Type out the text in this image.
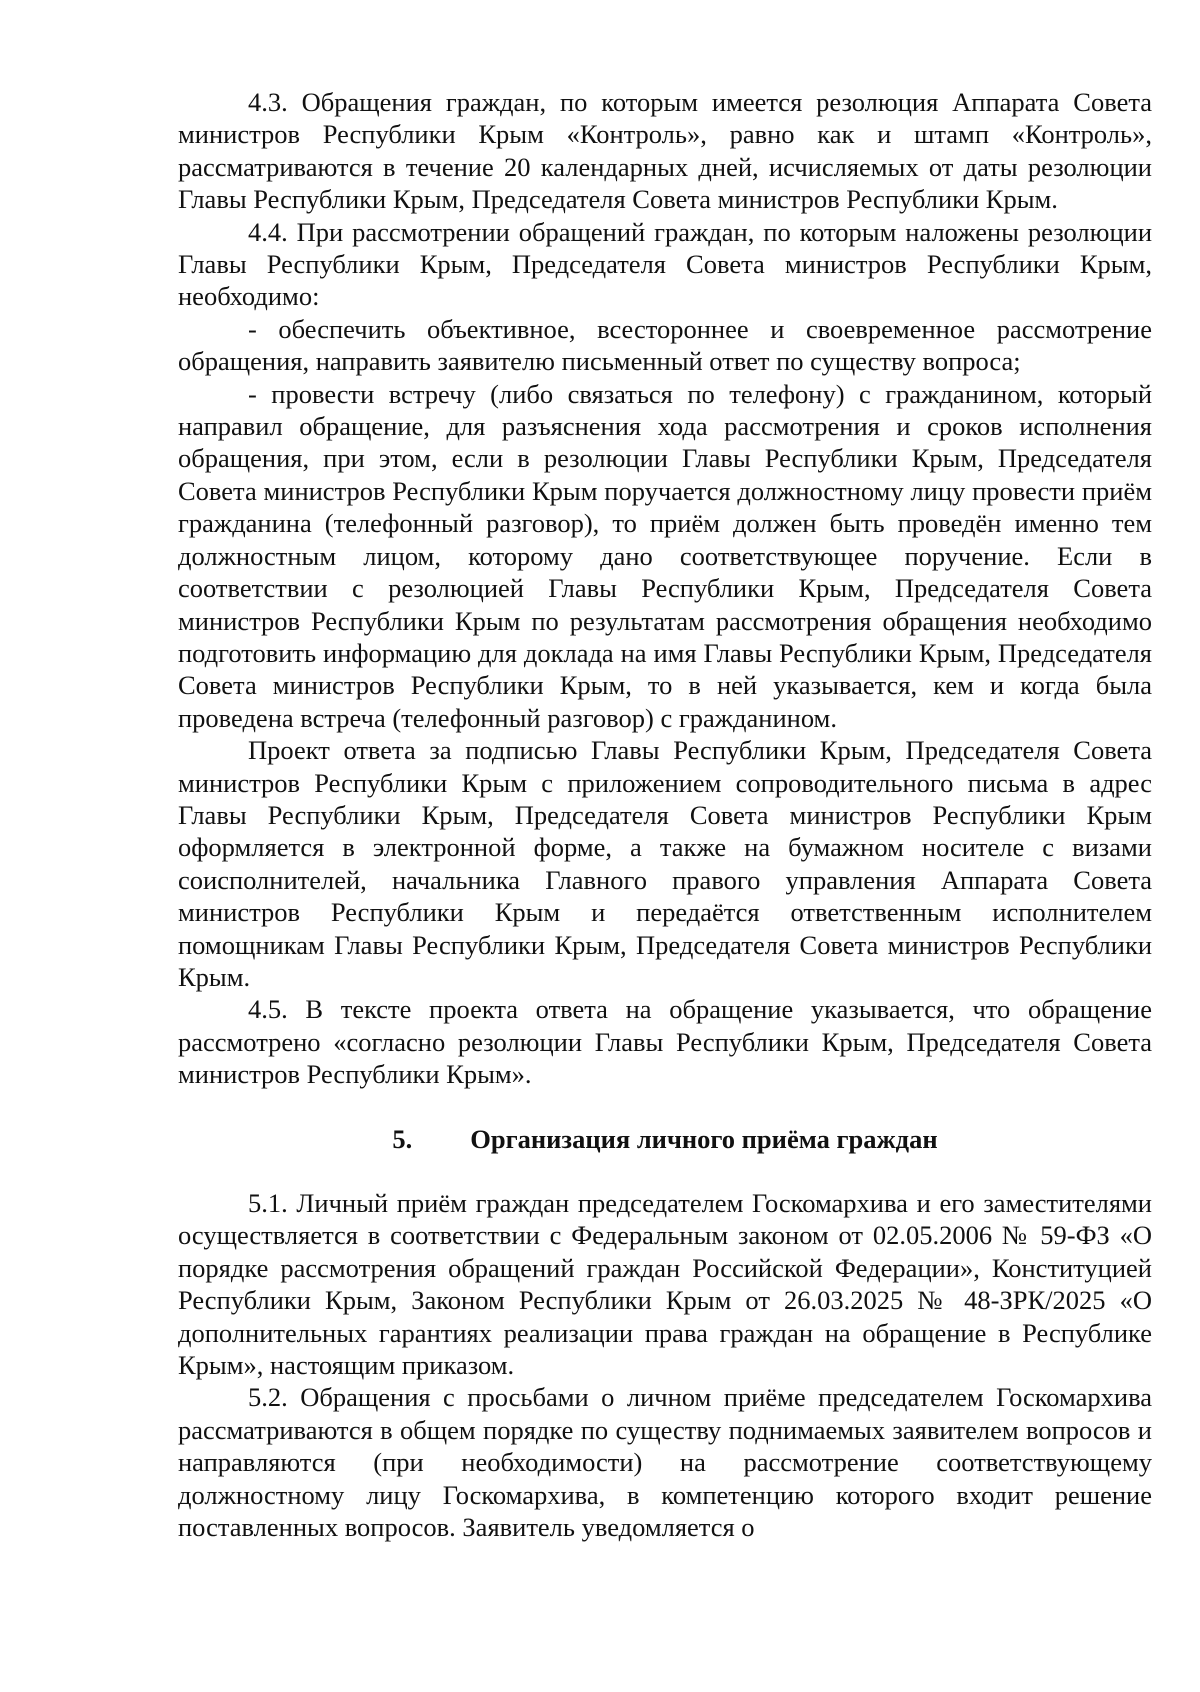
4.3. Обращения граждан, по которым имеется резолюция Аппарата Совета министров Республики Крым «Контроль», равно как и штамп «Контроль», рассматриваются в течение 20 календарных дней, исчисляемых от даты резолюции Главы Республики Крым, Председателя Совета министров Республики Крым.

4.4. При рассмотрении обращений граждан, по которым наложены резолюции Главы Республики Крым, Председателя Совета министров Республики Крым, необходимо:

- обеспечить объективное, всестороннее и своевременное рассмотрение обращения, направить заявителю письменный ответ по существу вопроса;

- провести встречу (либо связаться по телефону) с гражданином, который направил обращение, для разъяснения хода рассмотрения и сроков исполнения обращения, при этом, если в резолюции Главы Республики Крым, Председателя Совета министров Республики Крым поручается должностному лицу провести приём гражданина (телефонный разговор), то приём должен быть проведён именно тем должностным лицом, которому дано соответствующее поручение. Если в соответствии с резолюцией Главы Республики Крым, Председателя Совета министров Республики Крым по результатам рассмотрения обращения необходимо подготовить информацию для доклада на имя Главы Республики Крым, Председателя Совета министров Республики Крым, то в ней указывается, кем и когда была проведена встреча (телефонный разговор) с гражданином.

Проект ответа за подписью Главы Республики Крым, Председателя Совета министров Республики Крым с приложением сопроводительного письма в адрес Главы Республики Крым, Председателя Совета министров Республики Крым оформляется в электронной форме, а также на бумажном носителе с визами соисполнителей, начальника Главного правого управления Аппарата Совета министров Республики Крым и передаётся ответственным исполнителем помощникам Главы Республики Крым, Председателя Совета министров Республики Крым.

4.5. В тексте проекта ответа на обращение указывается, что обращение рассмотрено «согласно резолюции Главы Республики Крым, Председателя Совета министров Республики Крым».

5. Организация личного приёма граждан

5.1. Личный приём граждан председателем Госкомархива и его заместителями осуществляется в соответствии с Федеральным законом от 02.05.2006 № 59-ФЗ «О порядке рассмотрения обращений граждан Российской Федерации», Конституцией Республики Крым, Законом Республики Крым от 26.03.2025 № 48-ЗРК/2025 «О дополнительных гарантиях реализации права граждан на обращение в Республике Крым», настоящим приказом.

5.2. Обращения с просьбами о личном приёме председателем Госкомархива рассматриваются в общем порядке по существу поднимаемых заявителем вопросов и направляются (при необходимости) на рассмотрение соответствующему должностному лицу Госкомархива, в компетенцию которого входит решение поставленных вопросов. Заявитель уведомляется о
